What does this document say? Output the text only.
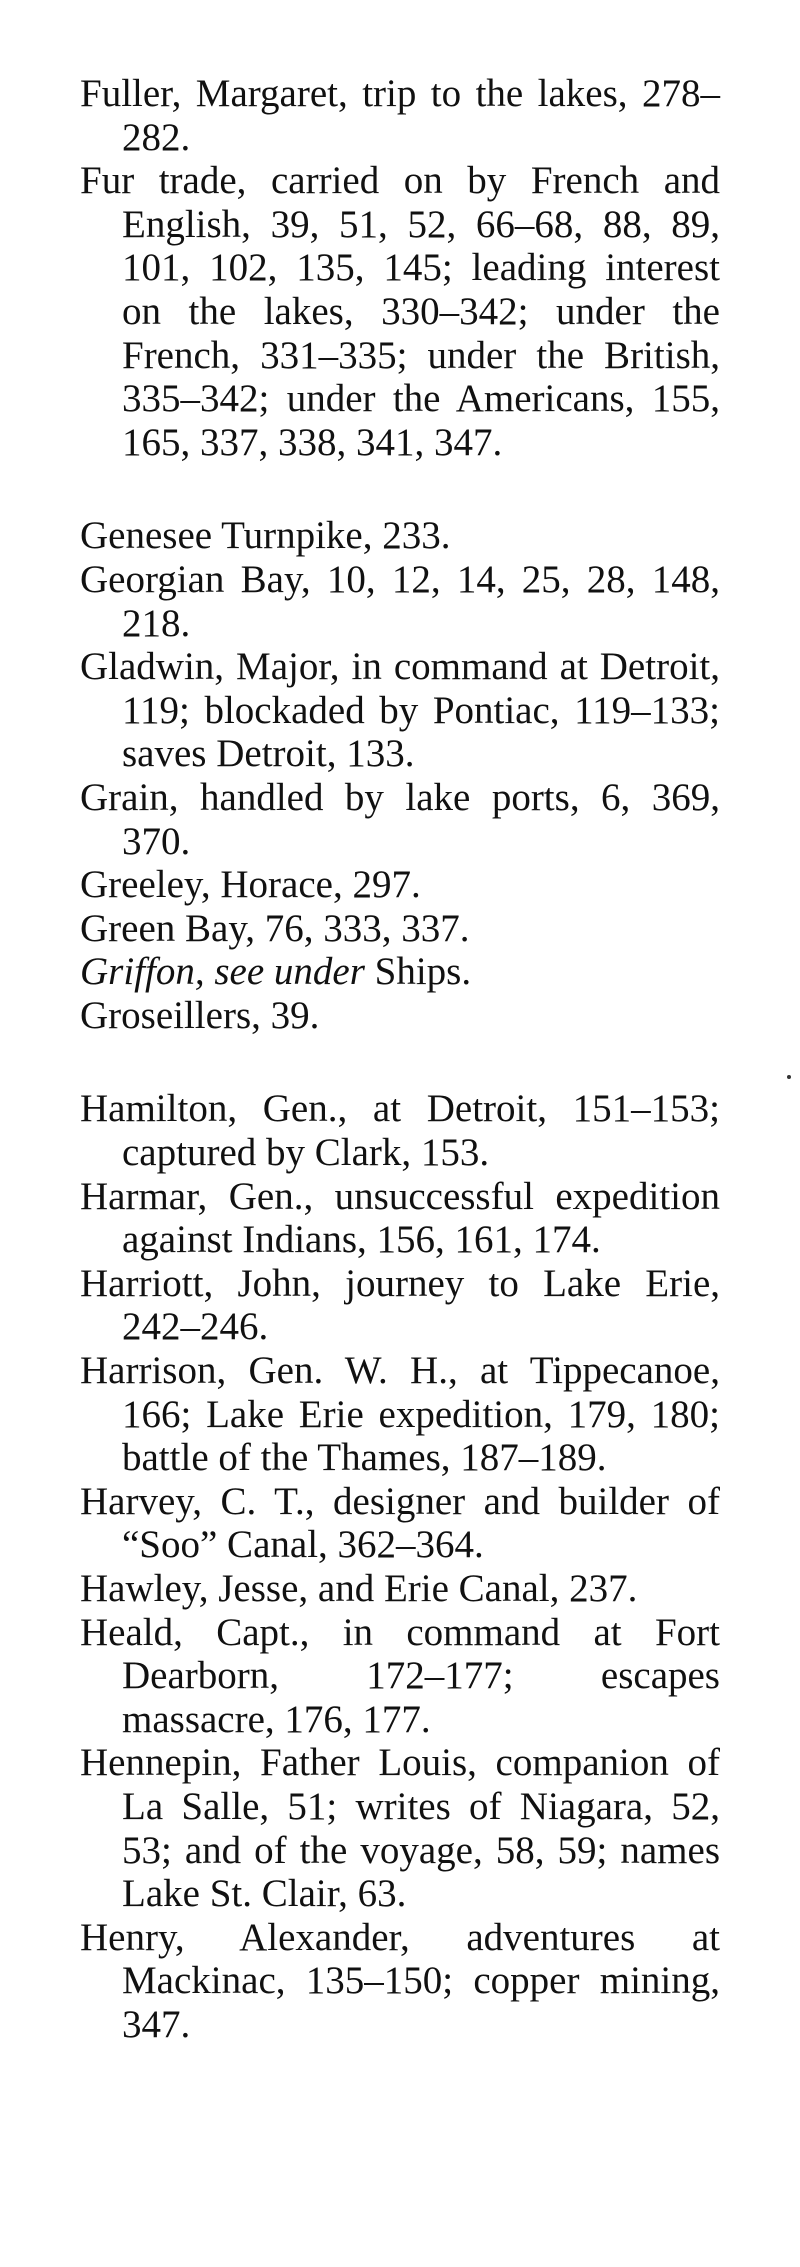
Fuller, Margaret, trip to the lakes, 278–282.

Fur trade, carried on by French and English, 39, 51, 52, 66–68, 88, 89, 101, 102, 135, 145; leading interest on the lakes, 330–342; under the French, 331–335; under the British, 335–342; under the Americans, 155, 165, 337, 338, 341, 347.

Genesee Turnpike, 233.

Georgian Bay, 10, 12, 14, 25, 28, 148, 218.

Gladwin, Major, in command at Detroit, 119; blockaded by Pontiac, 119–133; saves Detroit, 133.

Grain, handled by lake ports, 6, 369, 370.

Greeley, Horace, 297.

Green Bay, 76, 333, 337.

Griffon, see under Ships.

Groseillers, 39.

Hamilton, Gen., at Detroit, 151–153; captured by Clark, 153.

Harmar, Gen., unsuccessful expedition against Indians, 156, 161, 174.

Harriott, John, journey to Lake Erie, 242–246.

Harrison, Gen. W. H., at Tippecanoe, 166; Lake Erie expedition, 179, 180; battle of the Thames, 187–189.

Harvey, C. T., designer and builder of “Soo” Canal, 362–364.

Hawley, Jesse, and Erie Canal, 237.

Heald, Capt., in command at Fort Dearborn, 172–177; escapes massacre, 176, 177.

Hennepin, Father Louis, companion of La Salle, 51; writes of Niagara, 52, 53; and of the voyage, 58, 59; names Lake St. Clair, 63.

Henry, Alexander, adventures at Mackinac, 135–150; copper mining, 347.
